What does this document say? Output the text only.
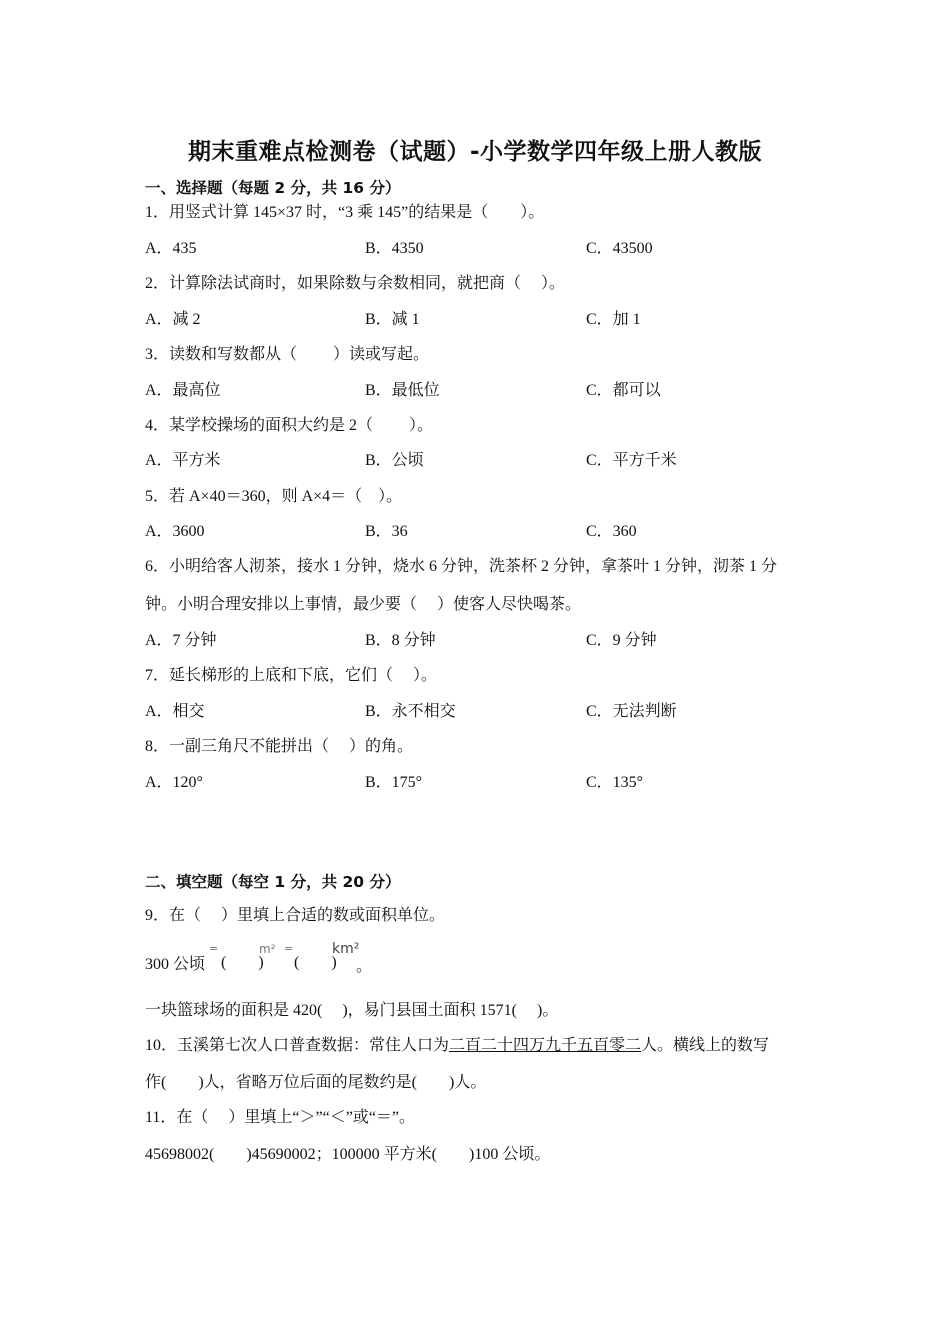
期末重难点检测卷（试题）-小学数学四年级上册人教版
一、选择题（每题 2 分，共 16 分）
1．用竖式计算 145×37 时，“3 乘 145”的结果是（　　）。
A．435	B．4350	C．43500
2．计算除法试商时，如果除数与余数相同，就把商（　 ）。
A．减 2	B．减 1	C．加 1
3．读数和写数都从（　　 ）读或写起。
A．最高位	B．最低位	C．都可以
4．某学校操场的面积大约是 2（　　 ）。
A．平方米	B．公顷	C．平方千米
5．若 A×40＝360，则 A×4＝（　）。
A．3600	B．36	C．360
6．小明给客人沏茶，接水 1 分钟，烧水 6 分钟，洗茶杯 2 分钟，拿茶叶 1 分钟，沏茶 1 分
钟。小明合理安排以上事情，最少要（　 ）使客人尽快喝茶。
A．7 分钟	B．8 分钟	C．9 分钟
7．延长梯形的上底和下底，它们（　 ）。
A．相交	B．永不相交	C．无法判断
8．一副三角尺不能拼出（　 ）的角。
A．120°	B．175°	C．135°
二、填空题（每空 1 分，共 20 分）
9．在（　 ）里填上合适的数或面积单位。
300 公顷
=
(　　)
m² =
(　　)
km²
。
一块篮球场的面积是 420(　 )，易门县国土面积 1571(　 )。
10．玉溪第七次人口普查数据：常住人口为二百二十四万九千五百零二人。横线上的数写
作(　　)人，省略万位后面的尾数约是(　　)人。
11．在（　 ）里填上“＞”“＜”或“＝”。
45698002(　　)45690002；100000 平方米(　　)100 公顷。
